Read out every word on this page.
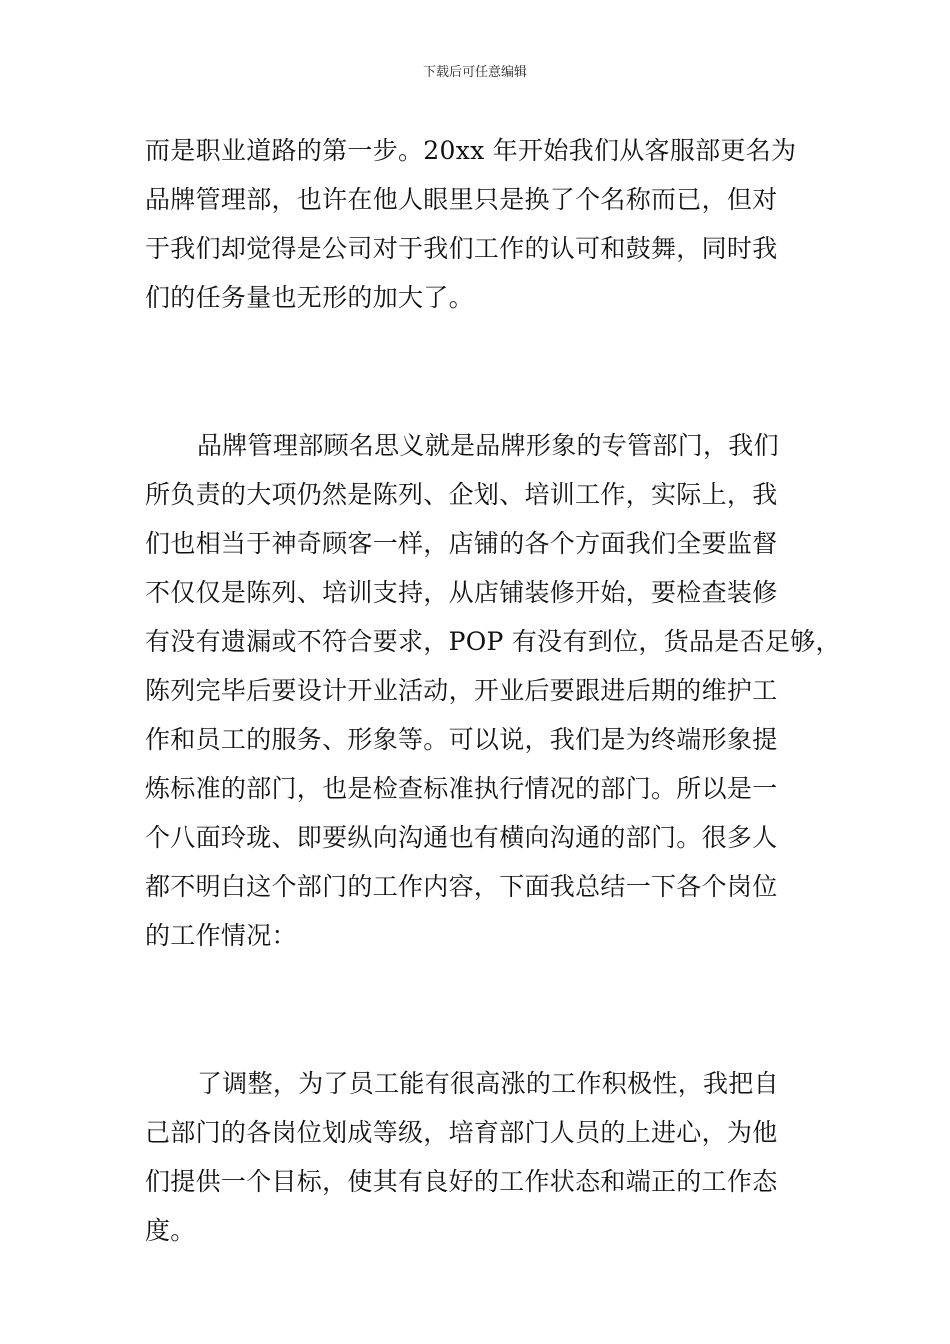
下载后可任意编辑
而是职业道路的第一步。20xx 年开始我们从客服部更名为
品牌管理部，也许在他人眼里只是换了个名称而已，但对
于我们却觉得是公司对于我们工作的认可和鼓舞，同时我
们的任务量也无形的加大了。
品牌管理部顾名思义就是品牌形象的专管部门，我们
所负责的大项仍然是陈列、企划、培训工作，实际上，我
们也相当于神奇顾客一样，店铺的各个方面我们全要监督
不仅仅是陈列、培训支持，从店铺装修开始，要检查装修
有没有遗漏或不符合要求，POP 有没有到位，货品是否足够，
陈列完毕后要设计开业活动，开业后要跟进后期的维护工
作和员工的服务、形象等。可以说，我们是为终端形象提
炼标准的部门，也是检查标准执行情况的部门。所以是一
个八面玲珑、即要纵向沟通也有横向沟通的部门。很多人
都不明白这个部门的工作内容，下面我总结一下各个岗位
的工作情况：
了调整，为了员工能有很高涨的工作积极性，我把自
己部门的各岗位划成等级，培育部门人员的上进心，为他
们提供一个目标，使其有良好的工作状态和端正的工作态
度。
